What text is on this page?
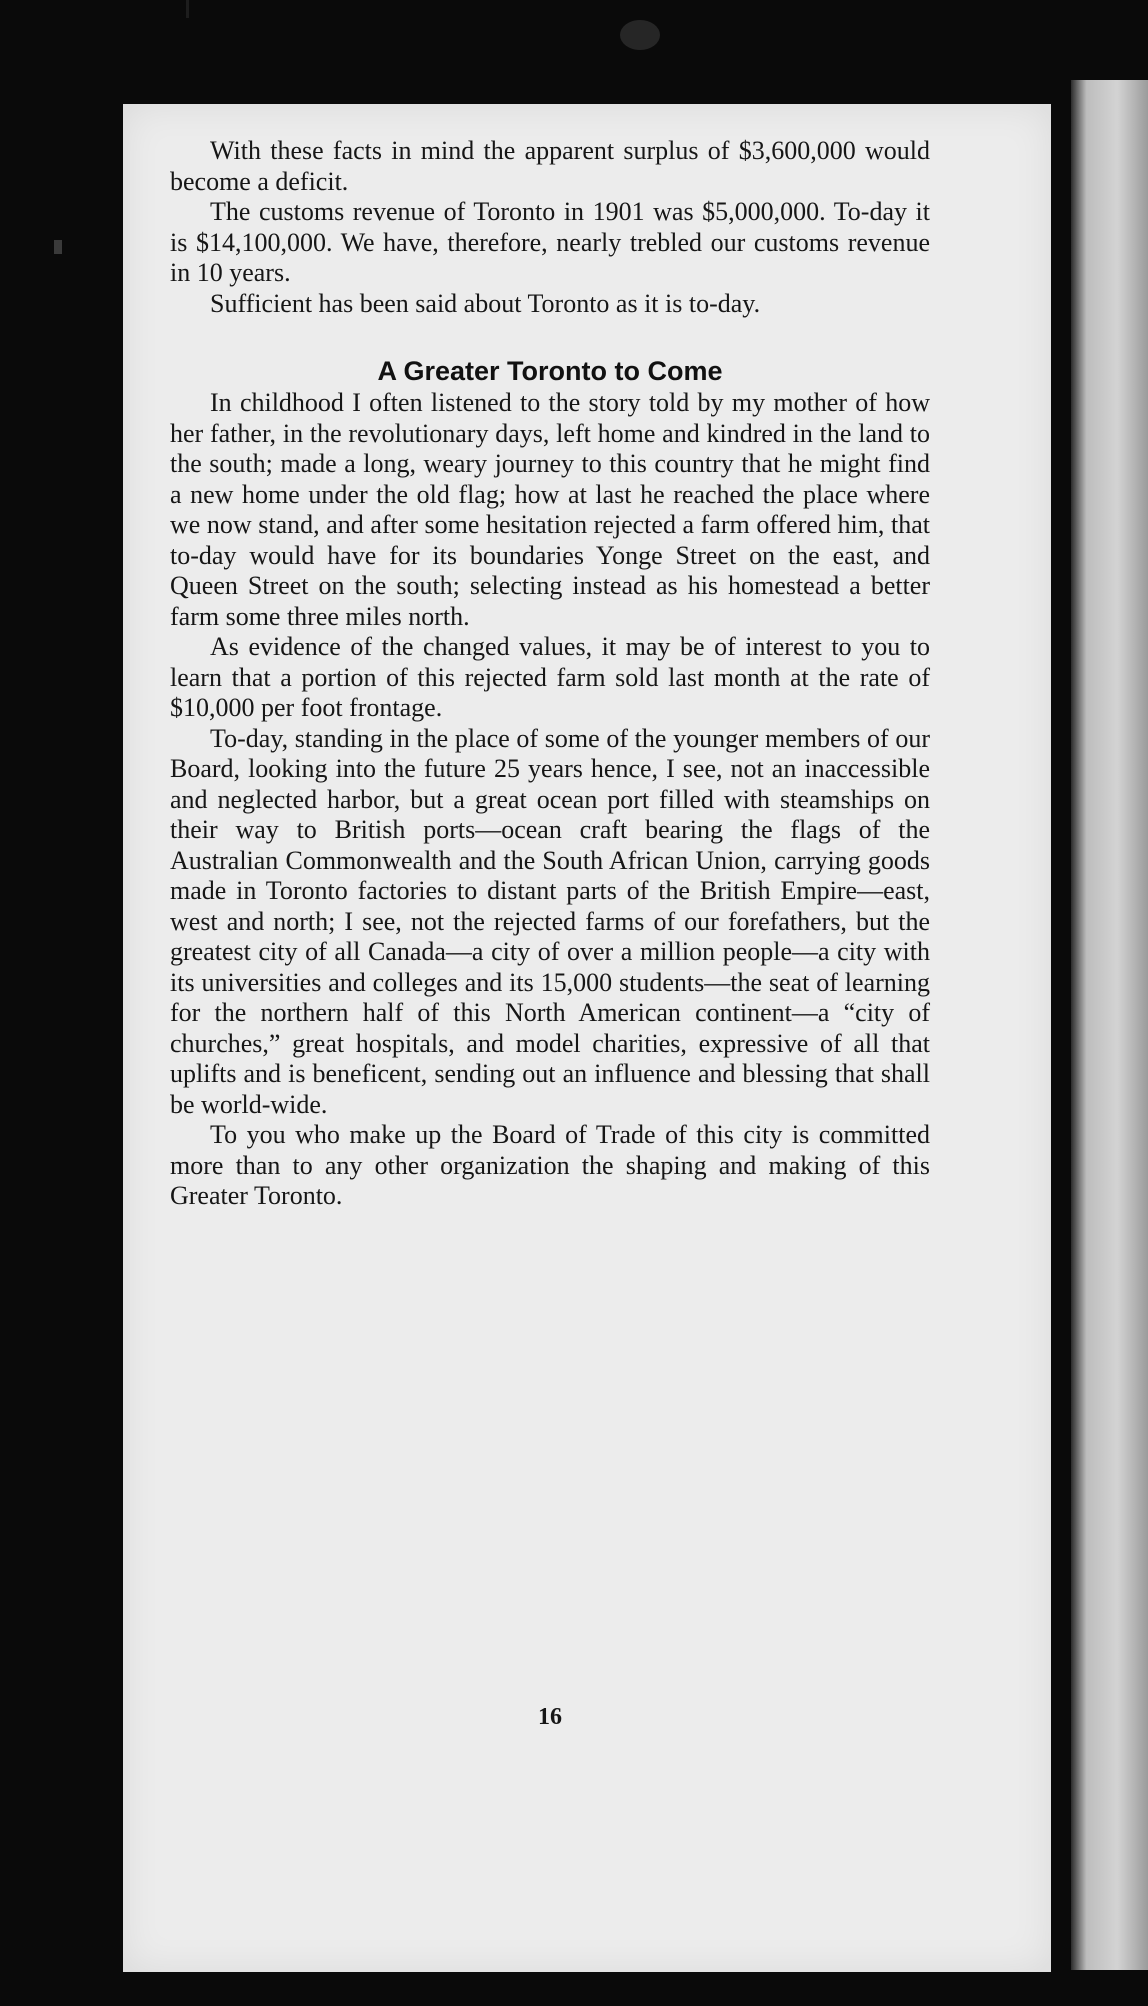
With these facts in mind the apparent surplus of $3,600,000 would become a deficit.

The customs revenue of Toronto in 1901 was $5,000,000. To-day it is $14,100,000. We have, therefore, nearly trebled our customs revenue in 10 years.

Sufficient has been said about Toronto as it is to-day.

A Greater Toronto to Come

In childhood I often listened to the story told by my mother of how her father, in the revolutionary days, left home and kindred in the land to the south; made a long, weary journey to this country that he might find a new home under the old flag; how at last he reached the place where we now stand, and after some hesitation rejected a farm offered him, that to-day would have for its boundaries Yonge Street on the east, and Queen Street on the south; selecting instead as his homestead a better farm some three miles north.

As evidence of the changed values, it may be of interest to you to learn that a portion of this rejected farm sold last month at the rate of $10,000 per foot frontage.

To-day, standing in the place of some of the younger members of our Board, looking into the future 25 years hence, I see, not an inaccessible and neglected harbor, but a great ocean port filled with steamships on their way to British ports—ocean craft bearing the flags of the Australian Commonwealth and the South African Union, carrying goods made in Toronto factories to distant parts of the British Empire—east, west and north; I see, not the rejected farms of our forefathers, but the greatest city of all Canada—a city of over a million people—a city with its universities and colleges and its 15,000 students—the seat of learning for the northern half of this North American continent—a “city of churches,” great hospitals, and model charities, expressive of all that uplifts and is beneficent, sending out an influence and blessing that shall be world-wide.

To you who make up the Board of Trade of this city is committed more than to any other organization the shaping and making of this Greater Toronto.

16
